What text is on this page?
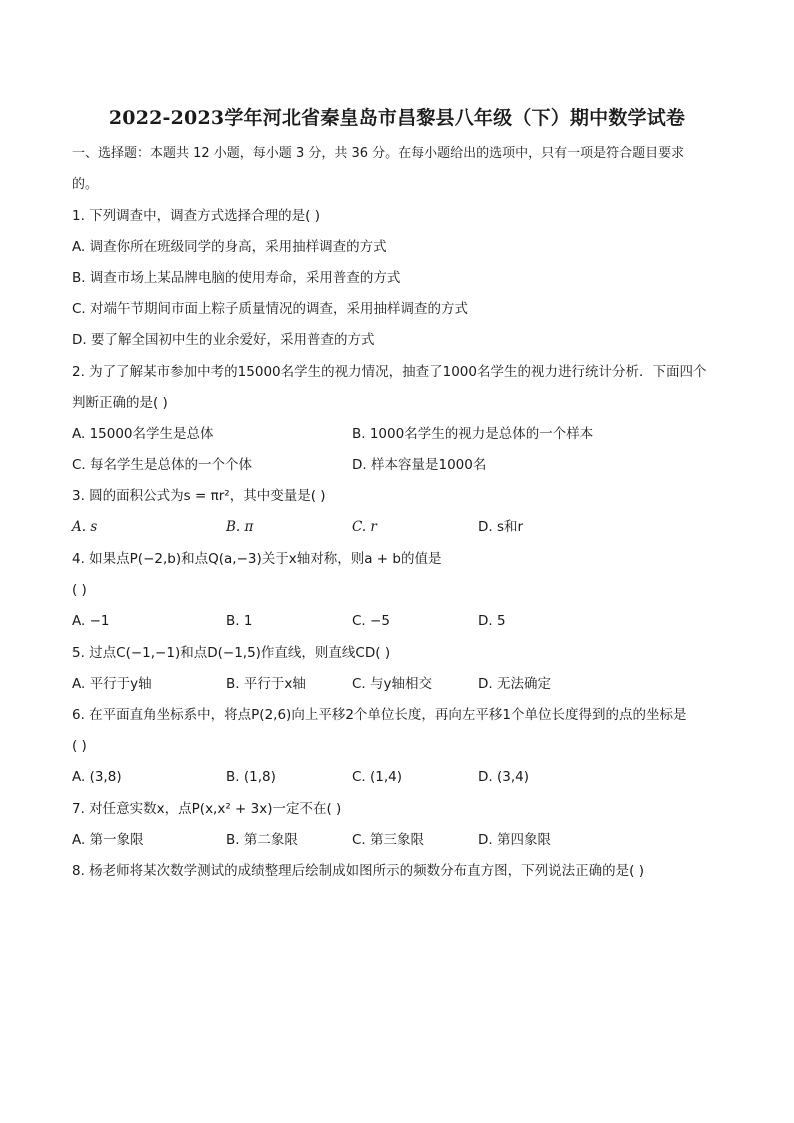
2022-2023学年河北省秦皇岛市昌黎县八年级（下）期中数学试卷
一、选择题：本题共 12 小题，每小题 3 分，共 36 分。在每小题给出的选项中，只有一项是符合题目要求
的。
1. 下列调查中，调查方式选择合理的是( )
A. 调查你所在班级同学的身高，采用抽样调查的方式
B. 调查市场上某品牌电脑的使用寿命，采用普查的方式
C. 对端午节期间市面上粽子质量情况的调查，采用抽样调查的方式
D. 要了解全国初中生的业余爱好，采用普查的方式
2. 为了了解某市参加中考的15000名学生的视力情况，抽查了1000名学生的视力进行统计分析．下面四个
判断正确的是( )
A. 15000名学生是总体	B. 1000名学生的视力是总体的一个样本
C. 每名学生是总体的一个个体	D. 样本容量是1000名
3. 圆的面积公式为s = πr²，其中变量是( )
A. s	B. π	C. r	D. s和r
4. 如果点P(−2,b)和点Q(a,−3)关于x轴对称，则a + b的值是
( )
A. −1	B. 1	C. −5	D. 5
5. 过点C(−1,−1)和点D(−1,5)作直线，则直线CD( )
A. 平行于y轴	B. 平行于x轴	C. 与y轴相交	D. 无法确定
6. 在平面直角坐标系中，将点P(2,6)向上平移2个单位长度，再向左平移1个单位长度得到的点的坐标是
( )
A. (3,8)	B. (1,8)	C. (1,4)	D. (3,4)
7. 对任意实数x，点P(x,x² + 3x)一定不在( )
A. 第一象限	B. 第二象限	C. 第三象限	D. 第四象限
8. 杨老师将某次数学测试的成绩整理后绘制成如图所示的频数分布直方图，下列说法正确的是( )
